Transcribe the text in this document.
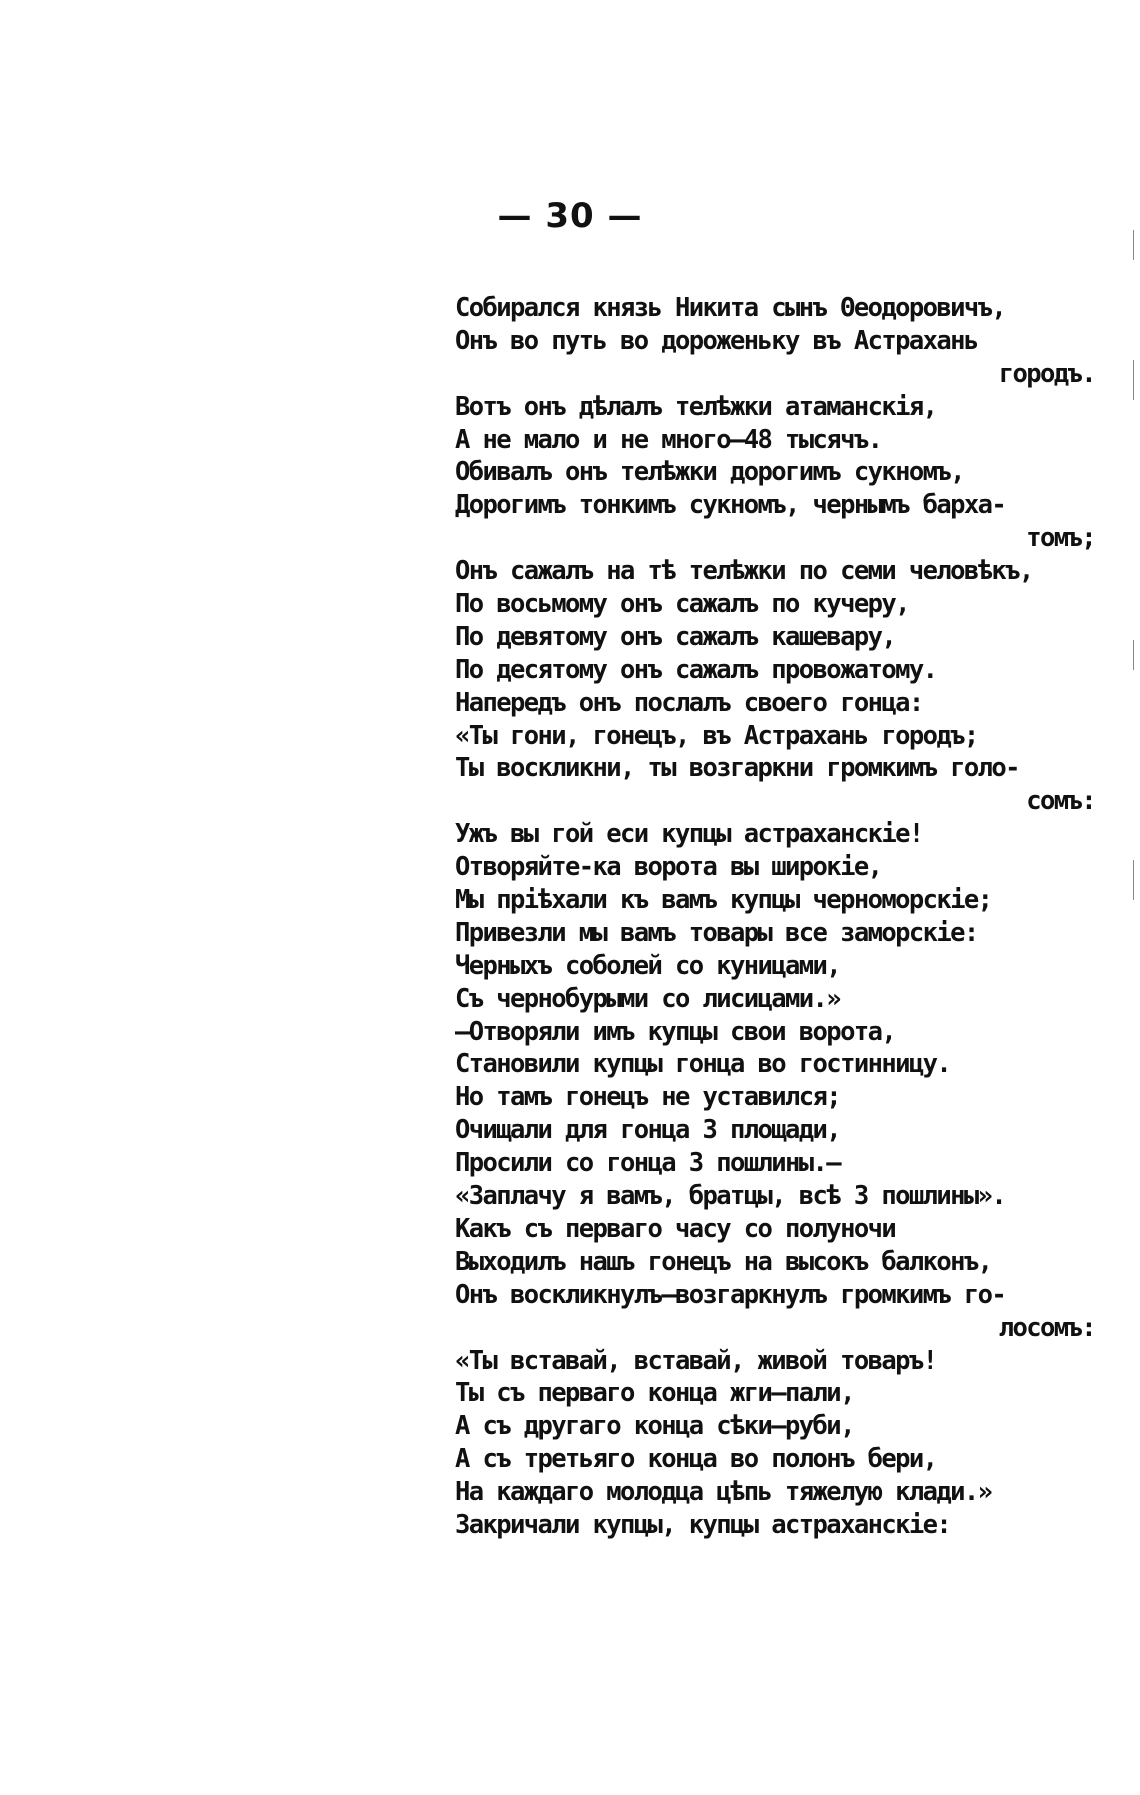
— 30 —
Собирался князь Никита сынъ Θеодоровичъ,
Онъ во путь во дороженьку въ Астрахань
городъ.
Вотъ онъ дѣлалъ телѣжки атаманскія,
А не мало и не много—48 тысячъ.
Обивалъ онъ телѣжки дорогимъ сукномъ,
Дорогимъ тонкимъ сукномъ, чернымъ барха-
томъ;
Онъ сажалъ на тѣ телѣжки по семи человѣкъ,
По восьмому онъ сажалъ по кучеру,
По девятому онъ сажалъ кашевару,
По десятому онъ сажалъ провожатому.
Напередъ онъ послалъ своего гонца:
«Ты гони, гонецъ, въ Астрахань городъ;
Ты воскликни, ты возгаркни громкимъ голо-
сомъ:
Ужъ вы гой еси купцы астраханскіе!
Отворяйте-ка ворота вы широкіе,
Мы пріѣхали къ вамъ купцы черноморскіе;
Привезли мы вамъ товары все заморскіе:
Черныхъ соболей со куницами,
Съ чернобурыми со лисицами.»
—Отворяли имъ купцы свои ворота,
Становили купцы гонца во гостинницу.
Но тамъ гонецъ не уставился;
Очищали для гонца 3 площади,
Просили со гонца 3 пошлины.—
«Заплачу я вамъ, братцы, всѣ 3 пошлины».
Какъ съ перваго часу со полуночи
Выходилъ нашъ гонецъ на высокъ балконъ,
Онъ воскликнулъ—возгаркнулъ громкимъ го-
лосомъ:
«Ты вставай, вставай, живой товаръ!
Ты съ перваго конца жги—пали,
А съ другаго конца сѣки—руби,
А съ третьяго конца во полонъ бери,
На каждаго молодца цѣпь тяжелую клади.»
Закричали купцы, купцы астраханскіе:
